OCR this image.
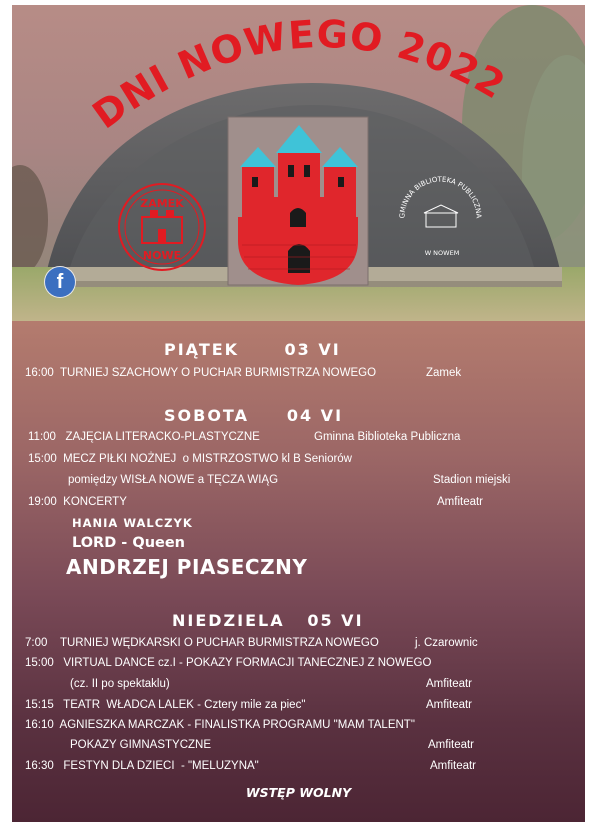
DNI NOWEGO 2022
ZAMEK
NOWE
GMINNA BIBLIOTEKA PUBLICZNA
W NOWEM
f
PIĄTEK	03 VI
16:00 TURNIEJ SZACHOWY O PUCHAR BURMISTRZA NOWEGO	Zamek
SOBOTA 04 VI
11:00 ZAJĘCIA LITERACKO-PLASTYCZNE	Gminna Biblioteka Publiczna
15:00 MECZ PIŁKI NOŻNEJ  o MISTRZOSTWO kl B Seniorów
pomiędzy WISŁA NOWE a TĘCZA WIĄG	Stadion miejski
19:00 KONCERTY	Amfiteatr
HANIA WALCZYK
LORD - Queen
ANDRZEJ PIASECZNY
NIEDZIELA 05 VI
7:00 TURNIEJ WĘDKARSKI O PUCHAR BURMISTRZA NOWEGO	j. Czarownic
15:00 VIRTUAL DANCE cz.I - POKAZY FORMACJI TANECZNEJ Z NOWEGO
(cz. II po spektaklu)	Amfiteatr
15:15 TEATR  WŁADCA LALEK - Cztery mile za piec"	Amfiteatr
16:10 AGNIESZKA MARCZAK - FINALISTKA PROGRAMU "MAM TALENT"
POKAZY GIMNASTYCZNE	Amfiteatr
16:30 FESTYN DLA DZIECI  - "MELUZYNA"	Amfiteatr
WSTĘP WOLNY
